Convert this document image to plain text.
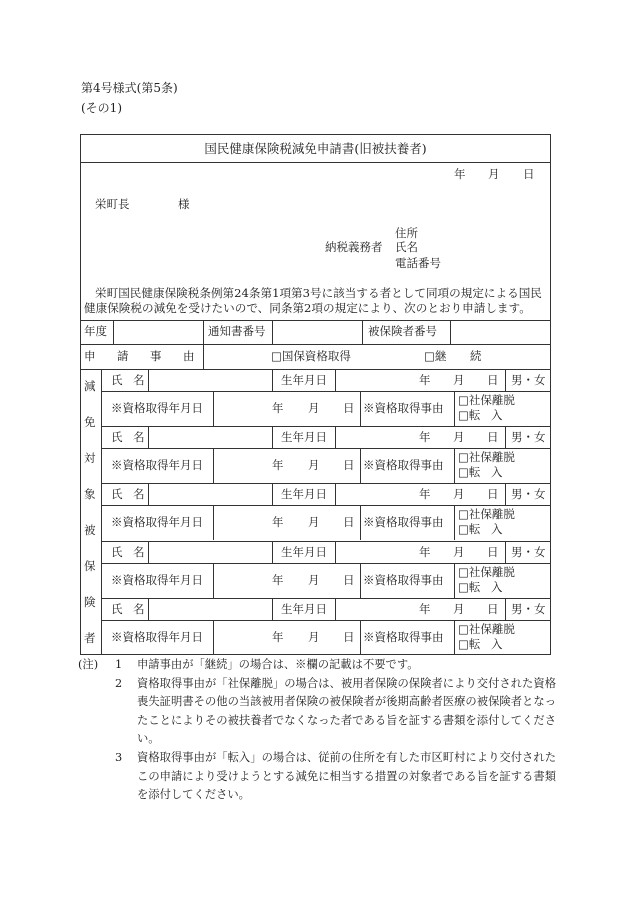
第4号様式(第5条)
(その1)
国民健康保険税減免申請書(旧被扶養者)
年 月 日
栄町長	様
住所
納税義務者 氏名
電話番号
栄町国民健康保険税条例第24条第1項第3号に該当する者として同項の規定による国民
健康保険税の減免を受けたいので、同条第2項の規定により、次のとおり申請します。
年度	通知書番号	被保険者番号
申 請 事 由	□国保資格取得	□継 続
減
免
対
象
被
保
険
者
氏 名	生年月日	年 月 日 男・女
※資格取得年月日	年 月 日 ※資格取得事由
□社保離脱
□転 入
氏 名	生年月日	年 月 日 男・女
※資格取得年月日	年 月 日 ※資格取得事由
□社保離脱
□転 入
氏 名	生年月日	年 月 日 男・女
※資格取得年月日	年 月 日 ※資格取得事由
□社保離脱
□転 入
氏 名	生年月日	年 月 日 男・女
※資格取得年月日	年 月 日 ※資格取得事由
□社保離脱
□転 入
氏 名	生年月日	年 月 日 男・女
※資格取得年月日	年 月 日 ※資格取得事由
□社保離脱
□転 入
(注)	1	申請事由が「継続」の場合は、※欄の記載は不要です。
2	資格取得事由が「社保離脱」の場合は、被用者保険の保険者により交付された資格喪失証明書その他の当該被用者保険の被保険者が後期高齢者医療の被保険者となったことによりその被扶養者でなくなった者である旨を証する書類を添付してください。
3	資格取得事由が「転入」の場合は、従前の住所を有した市区町村により交付されたこの申請により受けようとする減免に相当する措置の対象者である旨を証する書類を添付してください。
